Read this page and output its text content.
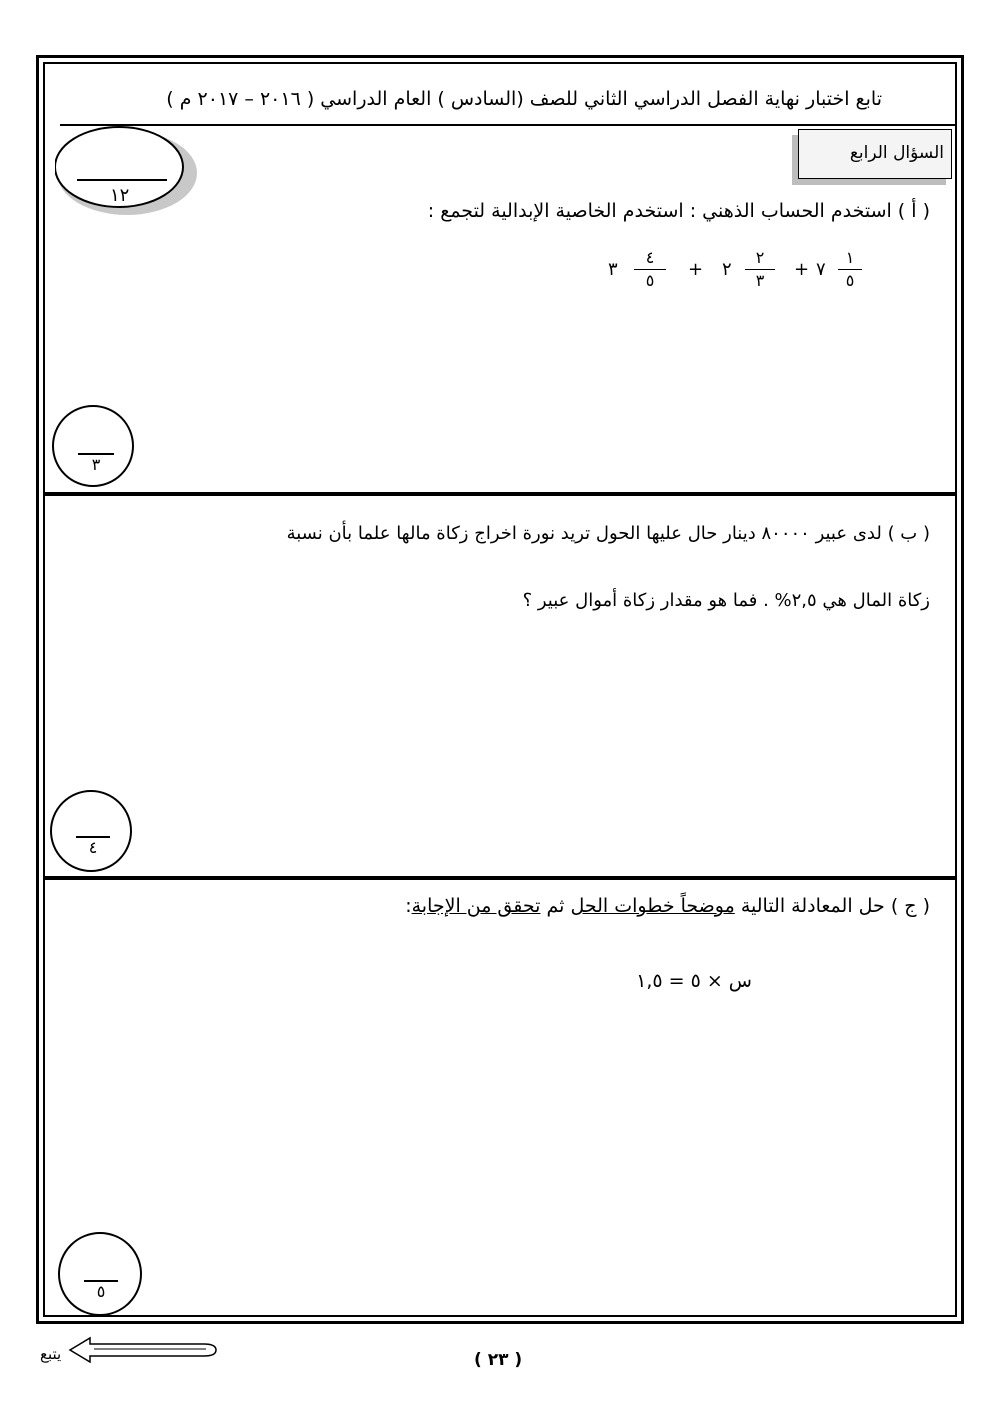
تابع اختبار نهاية الفصل الدراسي الثاني للصف (السادس ) العام الدراسي ( ٢٠١٦ – ٢٠١٧ م )
١٢
السؤال الرابع
( أ ) استخدم الحساب الذهني : استخدم الخاصية الإبدالية لتجمع :
١
٥
٧
+
٢
٣
٢
+
٤
٥
٣
٣
( ب ) لدى عبير ٨٠٠٠٠ دينار حال عليها الحول تريد نورة اخراج زكاة مالها علما بأن نسبة
زكاة المال هي ٢,٥% . فما هو مقدار زكاة أموال عبير ؟
٤
( ج ) حل المعادلة التالية موضحاً خطوات الحل ثم تحقق من الإجابة:
س × ٥ = ١,٥
٥
( ٢٣ )
يتبع
